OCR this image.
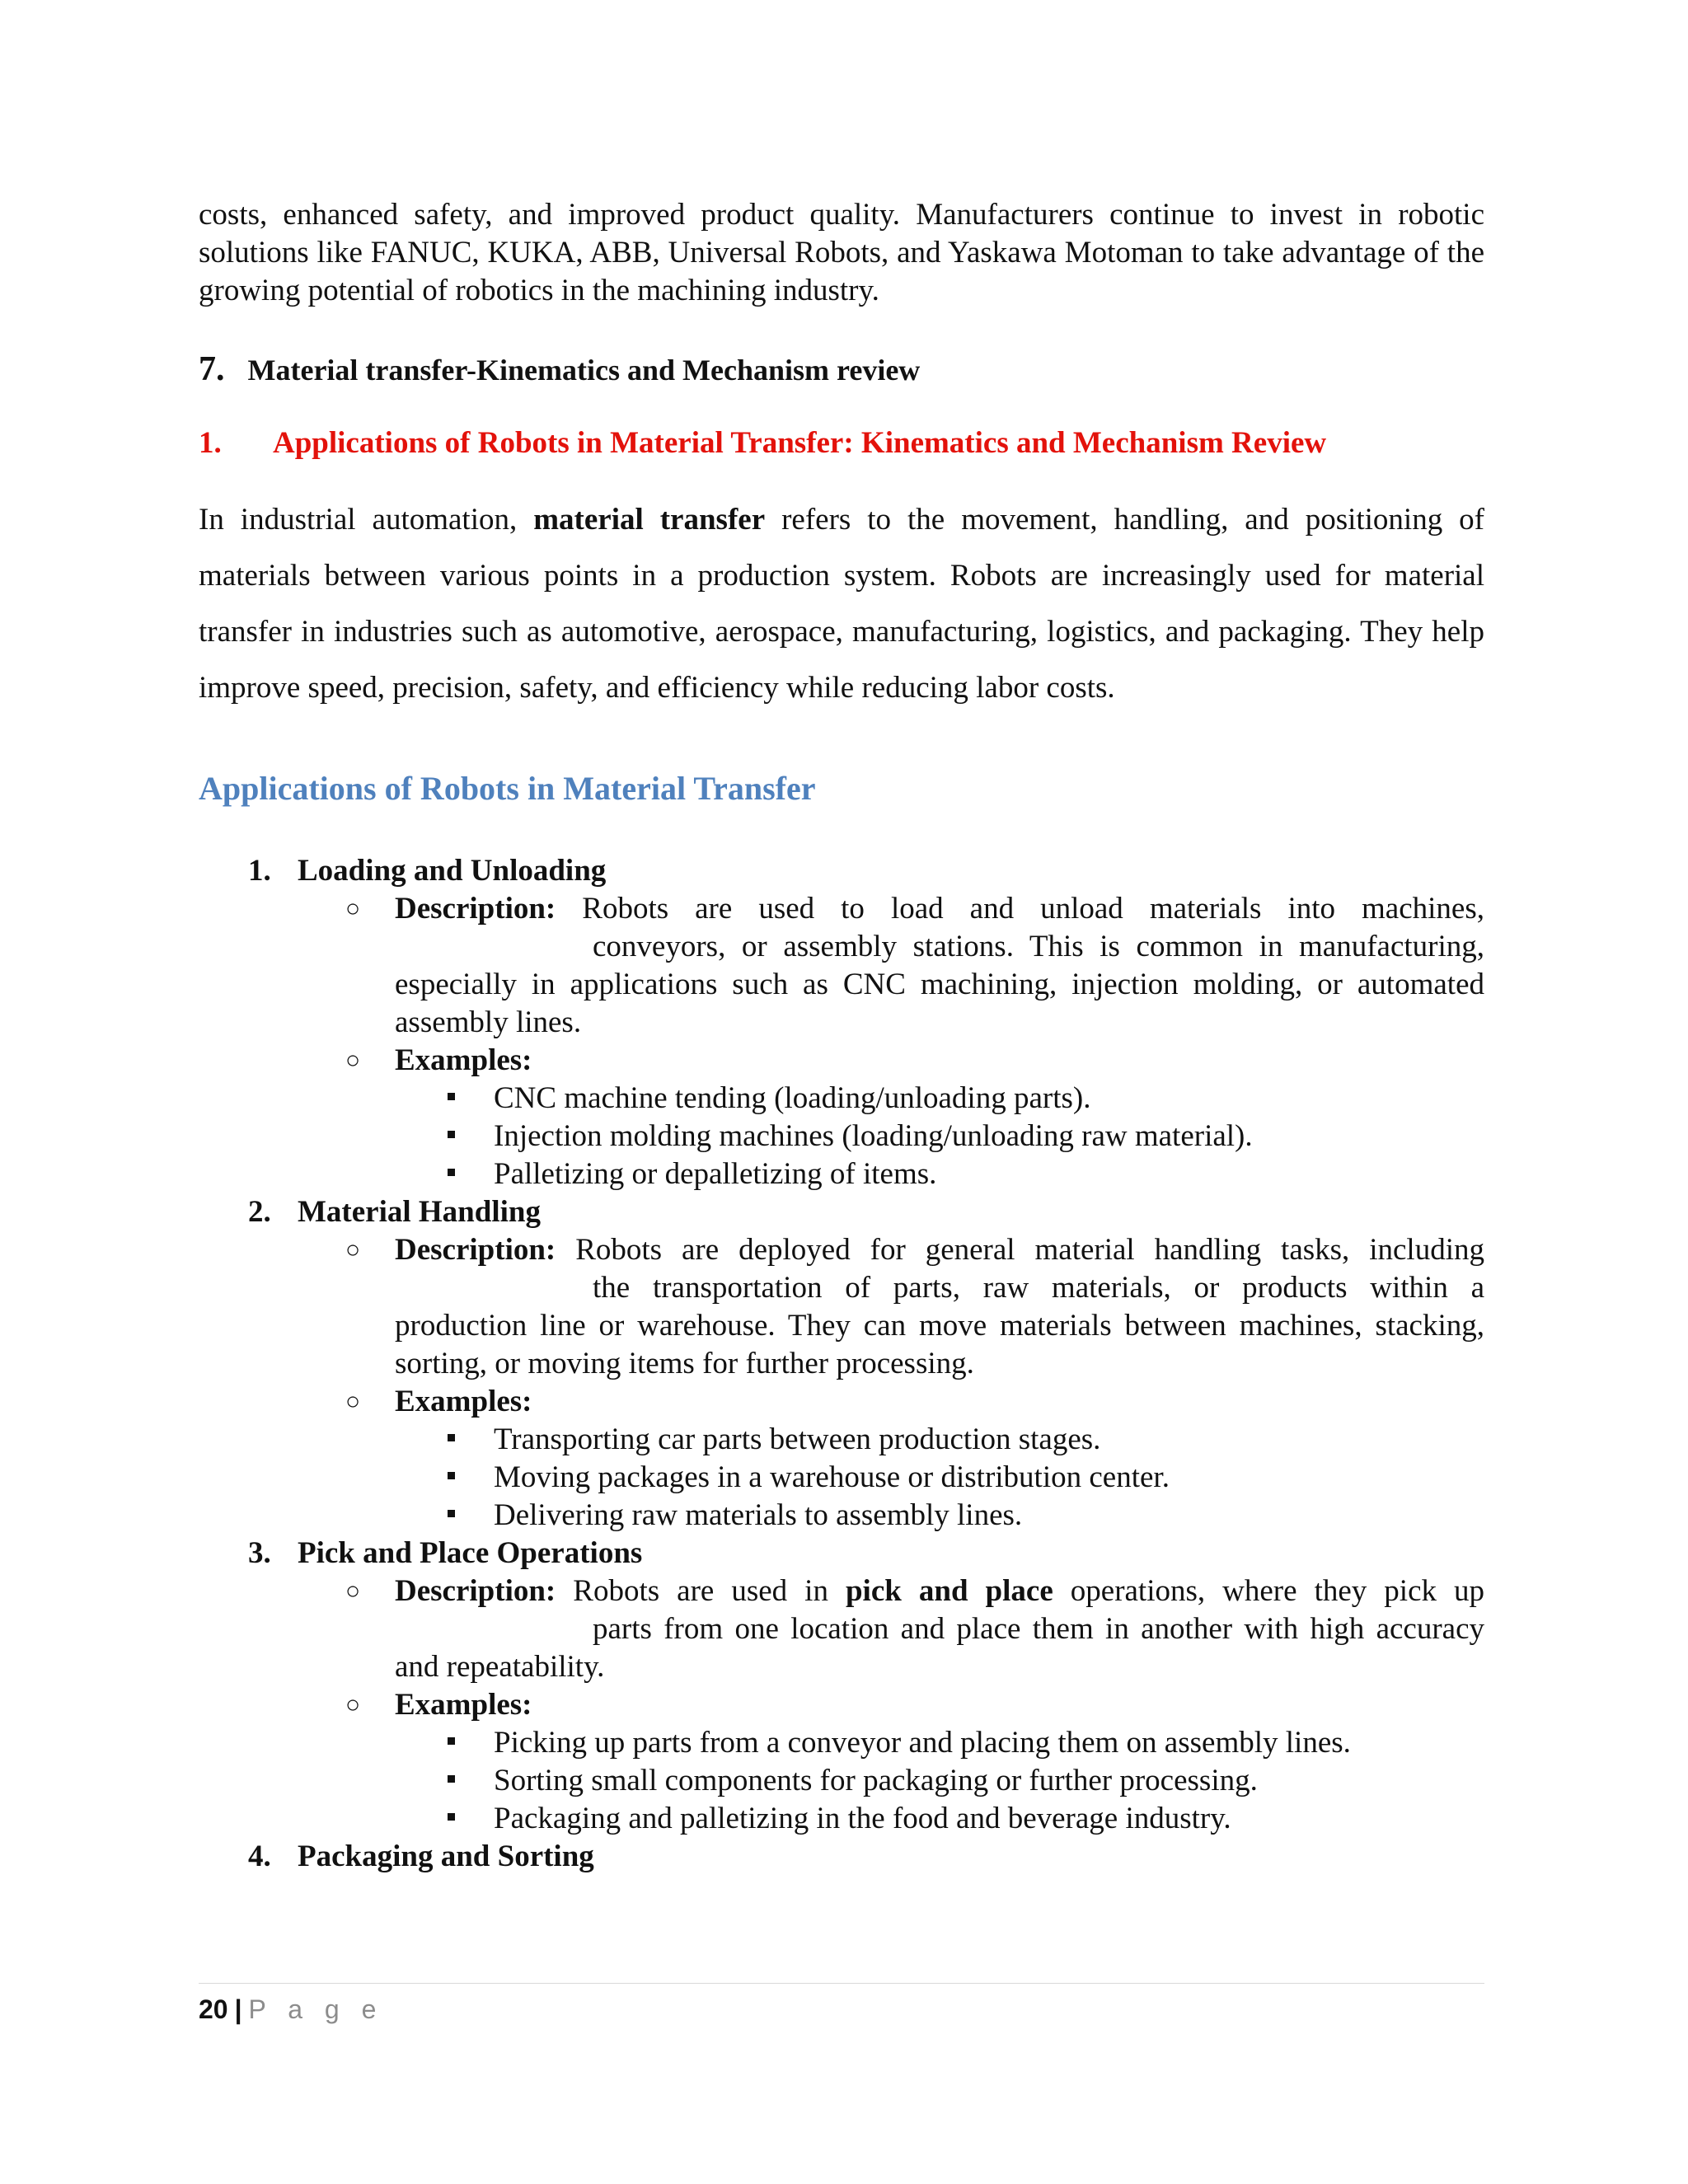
costs, enhanced safety, and improved product quality. Manufacturers continue to invest in robotic solutions like FANUC, KUKA, ABB, Universal Robots, and Yaskawa Motoman to take advantage of the growing potential of robotics in the machining industry.

7. Material transfer-Kinematics and Mechanism review
1.	Applications of Robots in Material Transfer: Kinematics and Mechanism Review
In industrial automation, material transfer refers to the movement, handling, and positioning of materials between various points in a production system. Robots are increasingly used for material transfer in industries such as automotive, aerospace, manufacturing, logistics, and packaging. They help improve speed, precision, safety, and efficiency while reducing labor costs.
Applications of Robots in Material Transfer
1. Loading and Unloading
○ Description: Robots are used to load and unload materials into machines, conveyors, or assembly stations. This is common in manufacturing, especially in applications such as CNC machining, injection molding, or automated assembly lines.
○ Examples:
CNC machine tending (loading/unloading parts).
Injection molding machines (loading/unloading raw material).
Palletizing or depalletizing of items.
2. Material Handling
○ Description: Robots are deployed for general material handling tasks, including the transportation of parts, raw materials, or products within a production line or warehouse. They can move materials between machines, stacking, sorting, or moving items for further processing.
○ Examples:
Transporting car parts between production stages.
Moving packages in a warehouse or distribution center.
Delivering raw materials to assembly lines.
3. Pick and Place Operations
○ Description: Robots are used in pick and place operations, where they pick up parts from one location and place them in another with high accuracy and repeatability.
○ Examples:
Picking up parts from a conveyor and placing them on assembly lines.
Sorting small components for packaging or further processing.
Packaging and palletizing in the food and beverage industry.
4. Packaging and Sorting
20 | P a g e
